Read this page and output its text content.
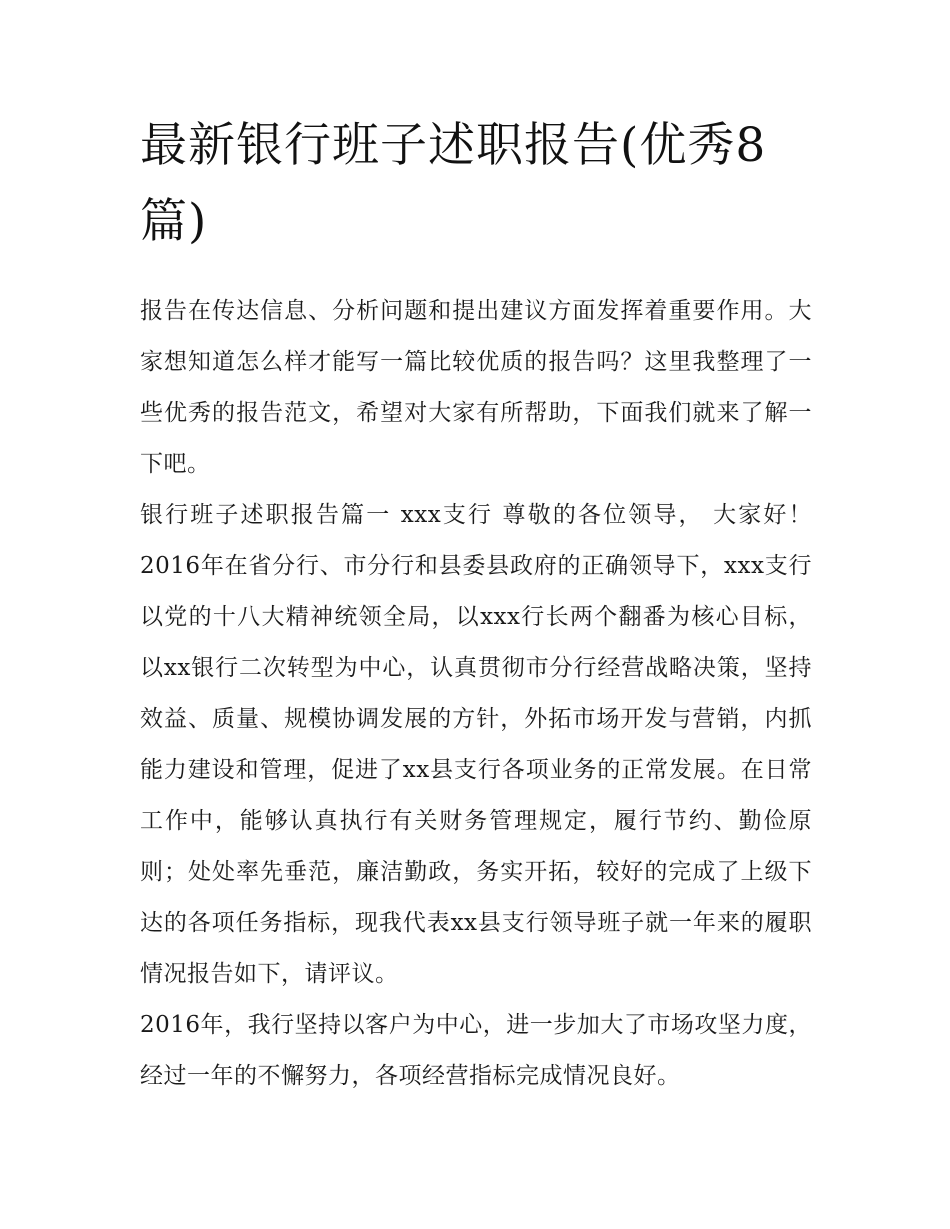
最新银行班子述职报告(优秀8篇)

报告在传达信息、分析问题和提出建议方面发挥着重要作用。大家想知道怎么样才能写一篇比较优质的报告吗？这里我整理了一些优秀的报告范文，希望对大家有所帮助，下面我们就来了解一下吧。

银行班子述职报告篇一 xxx支行 尊敬的各位领导， 大家好！2016年在省分行、市分行和县委县政府的正确领导下，xxx支行以党的十八大精神统领全局，以xxx行长两个翻番为核心目标，以xx银行二次转型为中心，认真贯彻市分行经营战略决策，坚持效益、质量、规模协调发展的方针，外拓市场开发与营销，内抓能力建设和管理，促进了xx县支行各项业务的正常发展。在日常工作中，能够认真执行有关财务管理规定，履行节约、勤俭原则；处处率先垂范，廉洁勤政，务实开拓，较好的完成了上级下达的各项任务指标，现我代表xx县支行领导班子就一年来的履职情况报告如下，请评议。

2016年，我行坚持以客户为中心，进一步加大了市场攻坚力度，经过一年的不懈努力，各项经营指标完成情况良好。
